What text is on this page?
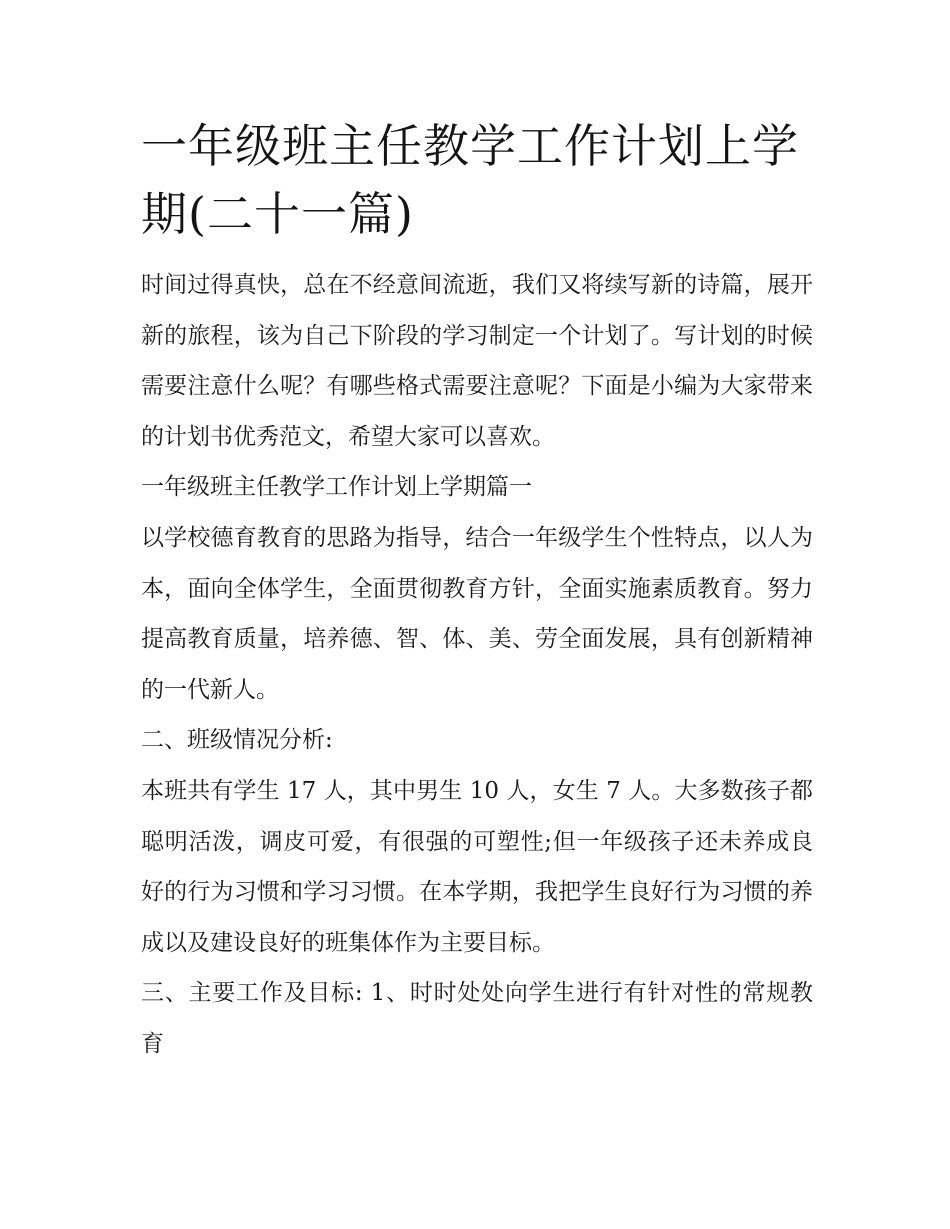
一年级班主任教学工作计划上学期(二十一篇)

时间过得真快，总在不经意间流逝，我们又将续写新的诗篇，展开新的旅程，该为自己下阶段的学习制定一个计划了。写计划的时候需要注意什么呢？有哪些格式需要注意呢？下面是小编为大家带来的计划书优秀范文，希望大家可以喜欢。

一年级班主任教学工作计划上学期篇一

以学校德育教育的思路为指导，结合一年级学生个性特点，以人为本，面向全体学生，全面贯彻教育方针，全面实施素质教育。努力提高教育质量，培养德、智、体、美、劳全面发展，具有创新精神的一代新人。

二、班级情况分析:

本班共有学生 17 人，其中男生 10 人，女生 7 人。大多数孩子都聪明活泼，调皮可爱，有很强的可塑性;但一年级孩子还未养成良好的行为习惯和学习习惯。在本学期，我把学生良好行为习惯的养成以及建设良好的班集体作为主要目标。

三、主要工作及目标: 1、时时处处向学生进行有针对性的常规教育
